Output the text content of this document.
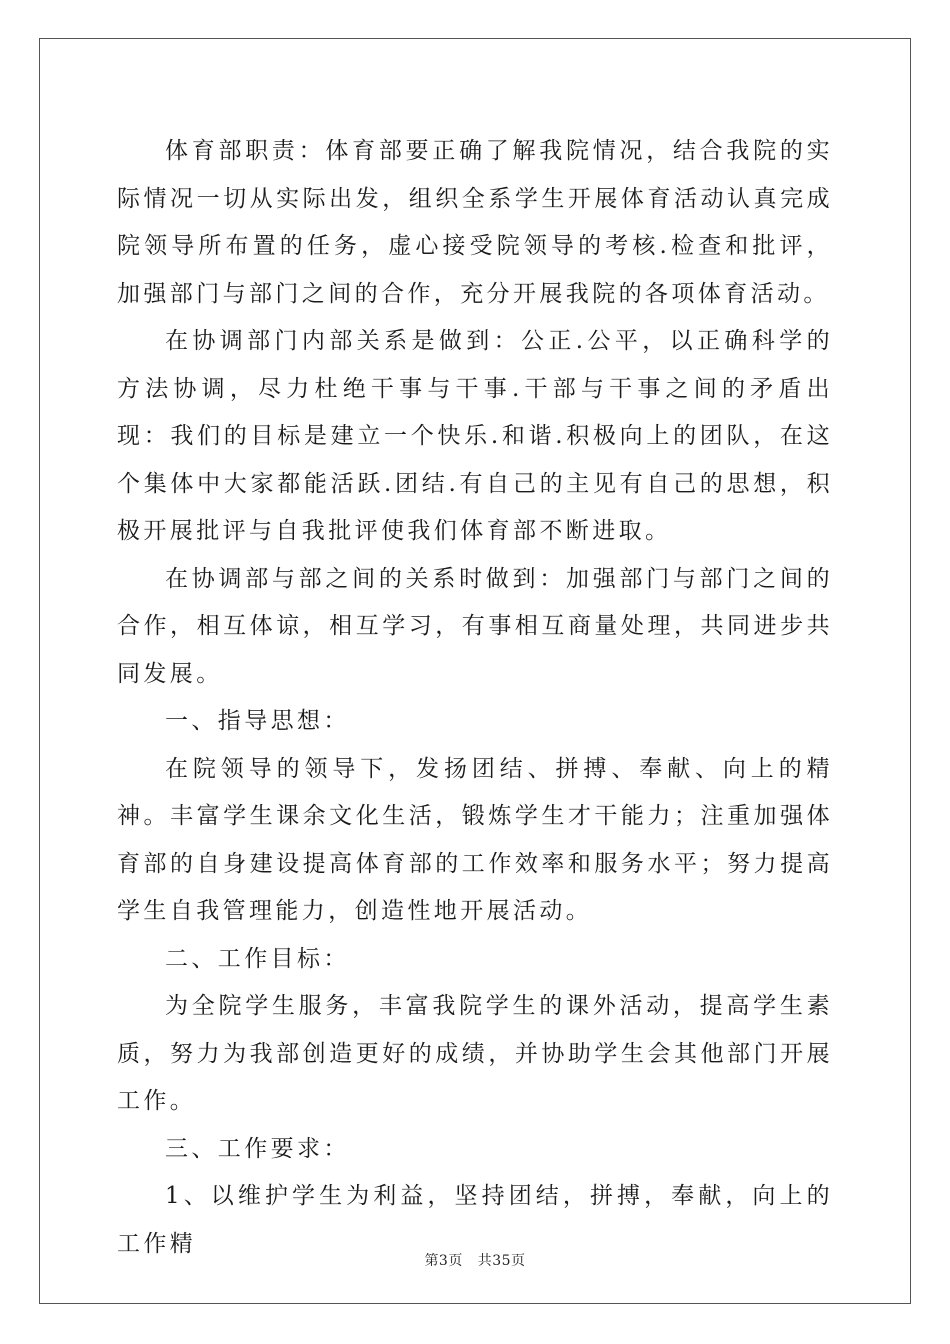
体育部职责：体育部要正确了解我院情况，结合我院的实际情况一切从实际出发，组织全系学生开展体育活动认真完成院领导所布置的任务，虚心接受院领导的考核.检查和批评，加强部门与部门之间的合作，充分开展我院的各项体育活动。

在协调部门内部关系是做到：公正.公平，以正确科学的方法协调，尽力杜绝干事与干事.干部与干事之间的矛盾出现：我们的目标是建立一个快乐.和谐.积极向上的团队，在这个集体中大家都能活跃.团结.有自己的主见有自己的思想，积极开展批评与自我批评使我们体育部不断进取。

在协调部与部之间的关系时做到：加强部门与部门之间的合作，相互体谅，相互学习，有事相互商量处理，共同进步共同发展。

一、指导思想：

在院领导的领导下，发扬团结、拼搏、奉献、向上的精神。丰富学生课余文化生活，锻炼学生才干能力；注重加强体育部的自身建设提高体育部的工作效率和服务水平；努力提高学生自我管理能力，创造性地开展活动。

二、工作目标：

为全院学生服务，丰富我院学生的课外活动，提高学生素质，努力为我部创造更好的成绩，并协助学生会其他部门开展工作。

三、工作要求：

1、以维护学生为利益，坚持团结，拼搏，奉献，向上的工作精

第3页 共35页
